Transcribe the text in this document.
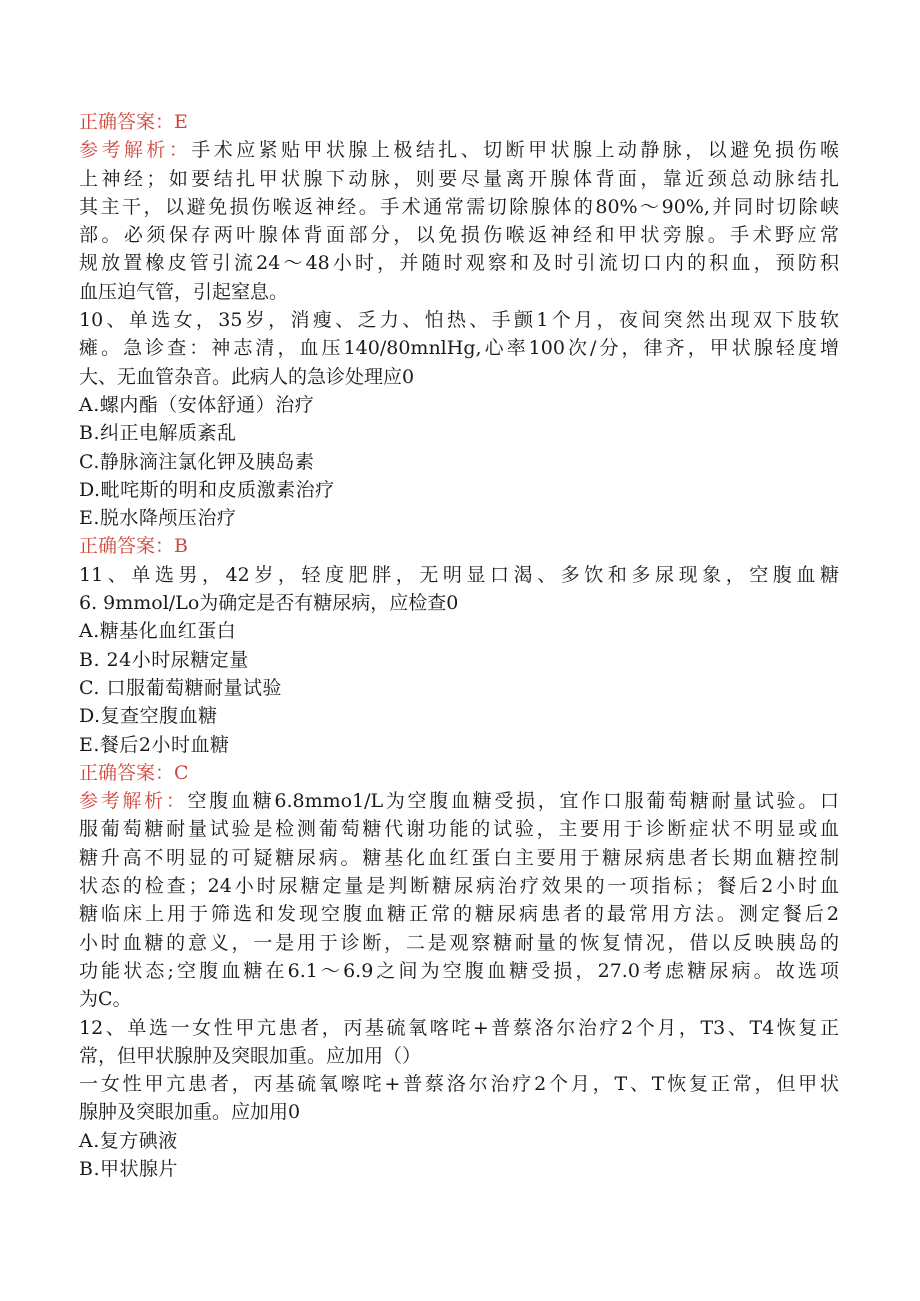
正确答案：E
参考解析：手术应紧贴甲状腺上极结扎、切断甲状腺上动静脉，以避免损伤喉
上神经；如要结扎甲状腺下动脉，则要尽量离开腺体背面，靠近颈总动脉结扎
其主干，以避免损伤喉返神经。手术通常需切除腺体的80%～90%,并同时切除峡
部。必须保存两叶腺体背面部分，以免损伤喉返神经和甲状旁腺。手术野应常
规放置橡皮管引流24～48小时，并随时观察和及时引流切口内的积血，预防积
血压迫气管，引起窒息。
10、单选女，35岁，消瘦、乏力、怕热、手颤1个月，夜间突然出现双下肢软
瘫。急诊查：神志清，血压140/80mnlHg,心率100次/分，律齐，甲状腺轻度增
大、无血管杂音。此病人的急诊处理应0
A.螺内酯（安体舒通）治疗
B.纠正电解质紊乱
C.静脉滴注氯化钾及胰岛素
D.毗咤斯的明和皮质激素治疗
E.脱水降颅压治疗
正确答案：B
11、单选男，42岁，轻度肥胖，无明显口渴、多饮和多尿现象，空腹血糖
6. 9mmol/Lo为确定是否有糖尿病，应检查0
A.糖基化血红蛋白
B. 24小时尿糖定量
C. 口服葡萄糖耐量试验
D.复查空腹血糖
E.餐后2小时血糖
正确答案：C
参考解析：空腹血糖6.8mmo1/L为空腹血糖受损，宜作口服葡萄糖耐量试验。口
服葡萄糖耐量试验是检测葡萄糖代谢功能的试验，主要用于诊断症状不明显或血
糖升高不明显的可疑糖尿病。糖基化血红蛋白主要用于糖尿病患者长期血糖控制
状态的检查；24小时尿糖定量是判断糖尿病治疗效果的一项指标；餐后2小时血
糖临床上用于筛选和发现空腹血糖正常的糖尿病患者的最常用方法。测定餐后2
小时血糖的意义，一是用于诊断，二是观察糖耐量的恢复情况，借以反映胰岛的
功能状态;空腹血糖在6.1～6.9之间为空腹血糖受损，27.0考虑糖尿病。故选项
为C。
12、单选一女性甲亢患者，丙基硫氧喀咤+普蔡洛尔治疗2个月，T3、T4恢复正
常，但甲状腺肿及突眼加重。应加用（）
一女性甲亢患者，丙基硫氧嚓咤+普蔡洛尔治疗2个月，T、T恢复正常，但甲状
腺肿及突眼加重。应加用0
A.复方碘液
B.甲状腺片
